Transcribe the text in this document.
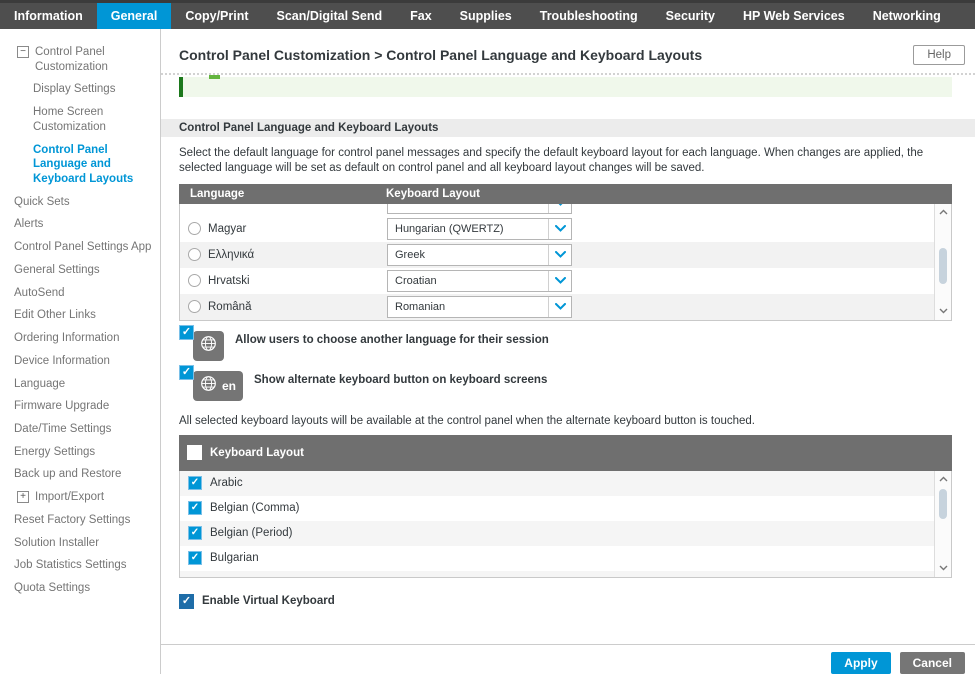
Information	General	Copy/Print	Scan/Digital Send	Fax	Supplies	Troubleshooting	Security	HP Web Services	Networking
− Control Panel Customization
Display Settings
Home Screen Customization
Control Panel Language and Keyboard Layouts
Quick Sets
Alerts
Control Panel Settings App
General Settings
AutoSend
Edit Other Links
Ordering Information
Device Information
Language
Firmware Upgrade
Date/Time Settings
Energy Settings
Back up and Restore
+ Import/Export
Reset Factory Settings
Solution Installer
Job Statistics Settings
Quota Settings
Control Panel Customization > Control Panel Language and Keyboard Layouts	Help
Control Panel Language and Keyboard Layouts

Select the default language for control panel messages and specify the default keyboard layout for each language. When changes are applied, the selected language will be set as default on control panel and all keyboard layout changes will be saved.

Language	Keyboard Layout
Magyar	Hungarian (QWERTZ)
Ελληνικά	Greek
Hrvatski	Croatian
Română	Romanian
✓
Allow users to choose another language for their session
✓
en Show alternate keyboard button on keyboard screens

All selected keyboard layouts will be available at the control panel when the alternate keyboard button is touched.

Keyboard Layout
✓ Arabic
✓ Belgian (Comma)
✓ Belgian (Period)
✓ Bulgarian
✓ Enable Virtual Keyboard
Apply	Cancel
